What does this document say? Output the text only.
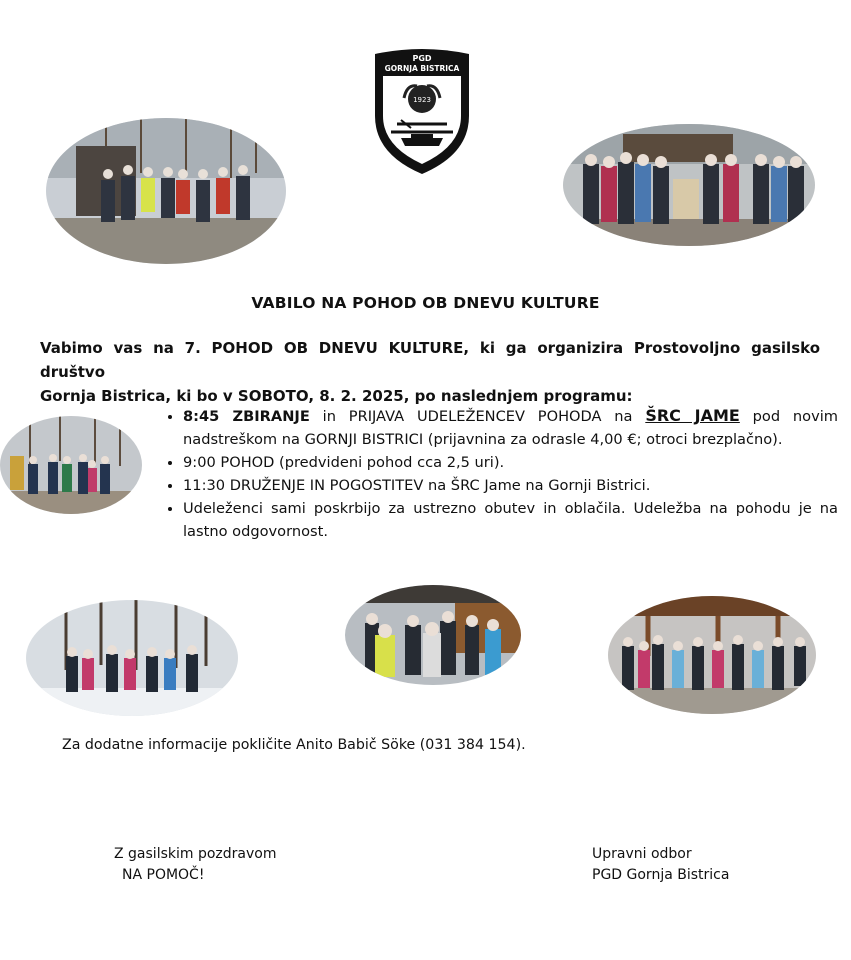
PGD
GORNJA BISTRICA
1923
VABILO NA POHOD OB DNEVU KULTURE
Vabimo vas na 7. POHOD OB DNEVU KULTURE, ki ga organizira Prostovoljno gasilsko društvo
Gornja Bistrica, ki bo v SOBOTO, 8. 2. 2025, po naslednjem programu:
• 8:45 ZBIRANJE in PRIJAVA UDELEŽENCEV POHODA na ŠRC JAME pod novim nadstreškom na GORNJI BISTRICI (prijavnina za odrasle 4,00 €; otroci brezplačno).
• 9:00 POHOD (predvideni pohod cca 2,5 uri).
• 11:30 DRUŽENJE IN POGOSTITEV na ŠRC Jame na Gornji Bistrici.
• Udeleženci sami poskrbijo za ustrezno obutev in oblačila. Udeležba na pohodu je na lastno odgovornost.
Za dodatne informacije pokličite Anito Babič Söke (031 384 154).
Z gasilskim pozdravom
NA POMOČ!
Upravni odbor
PGD Gornja Bistrica
